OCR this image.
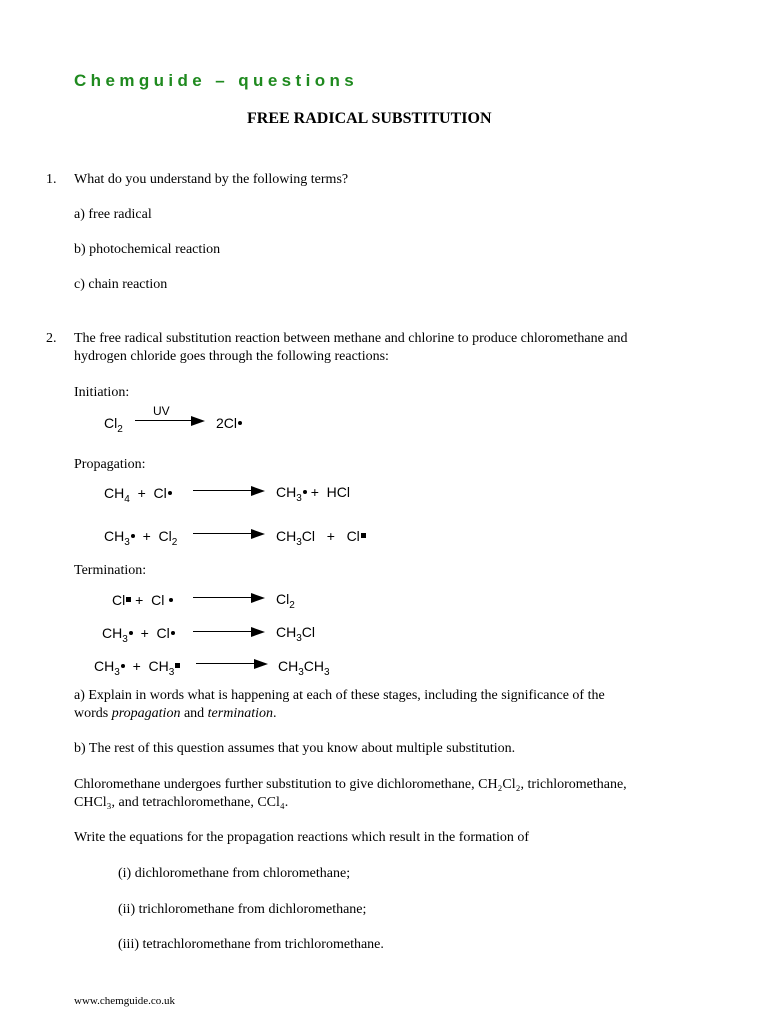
Chemguide – questions
FREE RADICAL SUBSTITUTION
1. What do you understand by the following terms?
a) free radical
b) photochemical reaction
c) chain reaction
2. The free radical substitution reaction between methane and chlorine to produce chloromethane and
hydrogen chloride goes through the following reactions:
Initiation:
UV
$Cl_2$	2Cl
Propagation:
$CH_4 + Cl$	$CH_3$ + HCl
$CH_3 + Cl_2$	$CH_3Cl + Cl$
Termination:
Cl + Cl	$Cl_2$
$CH_3 + Cl$	$CH_3Cl$
$CH_3 + CH_3$	$CH_3CH_3$
a) Explain in words what is happening at each of these stages, including the significance of the
words propagation and termination.
b) The rest of this question assumes that you know about multiple substitution.
Chloromethane undergoes further substitution to give dichloromethane, CH₂Cl₂, trichloromethane,
CHCl₃, and tetrachloromethane, CCl₄.
Write the equations for the propagation reactions which result in the formation of
(i) dichloromethane from chloromethane;
(ii) trichloromethane from dichloromethane;
(iii) tetrachloromethane from trichloromethane.
www.chemguide.co.uk
